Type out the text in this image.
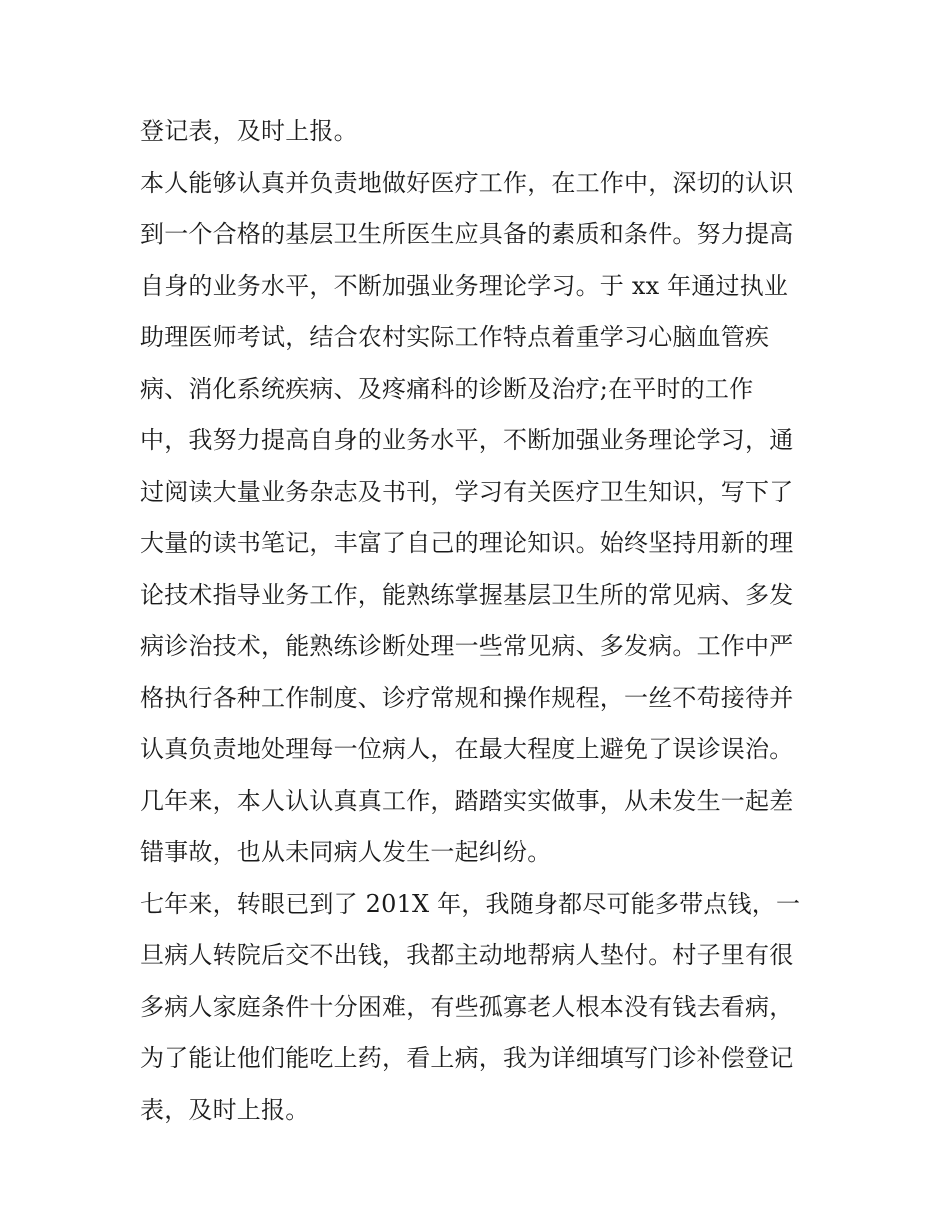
登记表，及时上报。
本人能够认真并负责地做好医疗工作，在工作中，深切的认识
到一个合格的基层卫生所医生应具备的素质和条件。努力提高
自身的业务水平，不断加强业务理论学习。于 xx 年通过执业
助理医师考试，结合农村实际工作特点着重学习心脑血管疾
病、消化系统疾病、及疼痛科的诊断及治疗;在平时的工作
中，我努力提高自身的业务水平，不断加强业务理论学习，通
过阅读大量业务杂志及书刊，学习有关医疗卫生知识，写下了
大量的读书笔记，丰富了自己的理论知识。始终坚持用新的理
论技术指导业务工作，能熟练掌握基层卫生所的常见病、多发
病诊治技术，能熟练诊断处理一些常见病、多发病。工作中严
格执行各种工作制度、诊疗常规和操作规程，一丝不苟接待并
认真负责地处理每一位病人，在最大程度上避免了误诊误治。
几年来，本人认认真真工作，踏踏实实做事，从未发生一起差
错事故，也从未同病人发生一起纠纷。
七年来，转眼已到了 201X 年，我随身都尽可能多带点钱，一
旦病人转院后交不出钱，我都主动地帮病人垫付。村子里有很
多病人家庭条件十分困难，有些孤寡老人根本没有钱去看病，
为了能让他们能吃上药，看上病，我为详细填写门诊补偿登记
表，及时上报。
